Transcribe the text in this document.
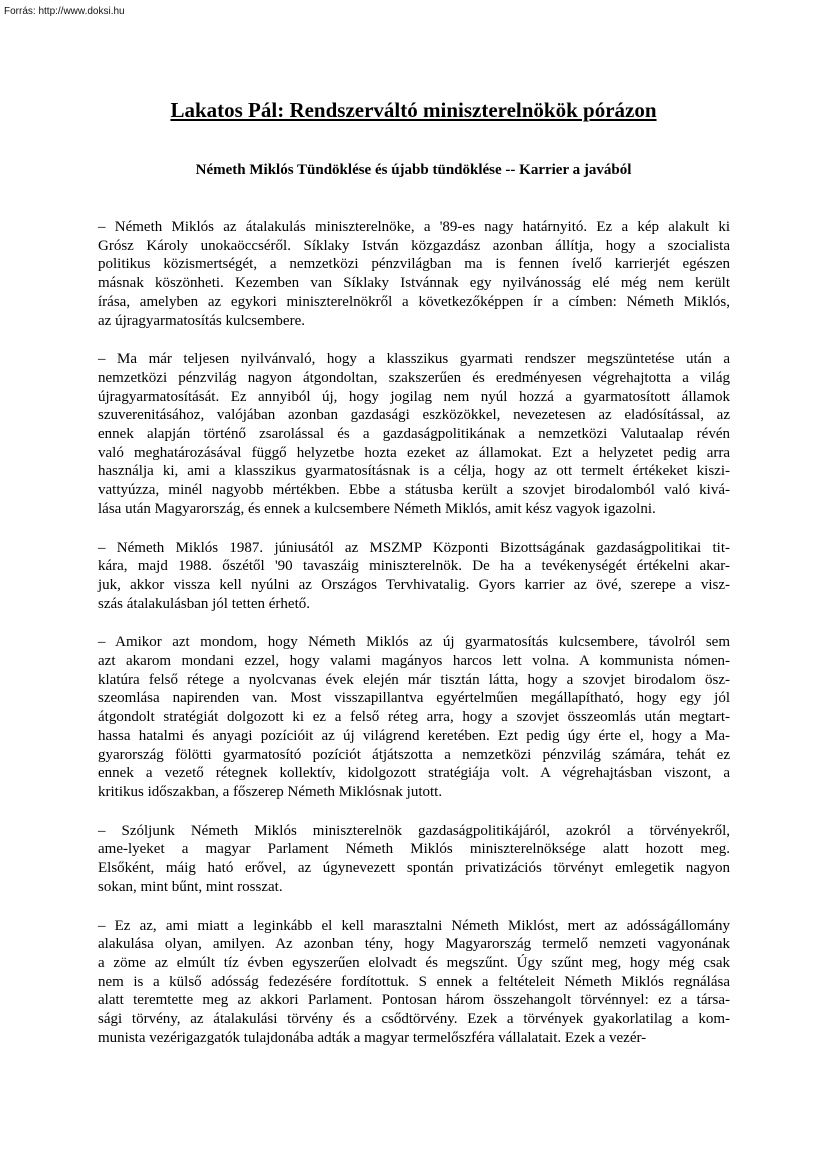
Forrás: http://www.doksi.hu
Lakatos Pál: Rendszerváltó miniszterelnökök pórázon
Németh Miklós Tündöklése és újabb tündöklése -- Karrier a javából

– Németh Miklós az átalakulás miniszterelnöke, a '89-es nagy határnyitó. Ez a kép alakult ki
Grósz Károly unokaöccséről. Síklaky István közgazdász azonban állítja, hogy a szocialista
politikus közismertségét, a nemzetközi pénzvilágban ma is fennen ívelő karrierjét egészen
másnak köszönheti. Kezemben van Síklaky Istvánnak egy nyilvánosság elé még nem került
írása, amelyben az egykori miniszterelnökről a következőképpen ír a címben: Németh Miklós,
az újragyarmatosítás kulcsembere.

– Ma már teljesen nyilvánvaló, hogy a klasszikus gyarmati rendszer megszüntetése után a
nemzetközi pénzvilág nagyon átgondoltan, szakszerűen és eredményesen végrehajtotta a világ
újragyarmatosítását. Ez annyiból új, hogy jogilag nem nyúl hozzá a gyarmatosított államok
szuverenitásához, valójában azonban gazdasági eszközökkel, nevezetesen az eladósítással, az
ennek alapján történő zsarolással és a gazdaságpolitikának a nemzetközi Valutaalap révén
való meghatározásával függő helyzetbe hozta ezeket az államokat. Ezt a helyzetet pedig arra
használja ki, ami a klasszikus gyarmatosításnak is a célja, hogy az ott termelt értékeket kiszi-
vattyúzza, minél nagyobb mértékben. Ebbe a státusba került a szovjet birodalomból való kivá-
lása után Magyarország, és ennek a kulcsembere Németh Miklós, amit kész vagyok igazolni.

– Németh Miklós 1987. júniusától az MSZMP Központi Bizottságának gazdaságpolitikai tit-
kára, majd 1988. őszétől '90 tavaszáig miniszterelnök. De ha a tevékenységét értékelni akar-
juk, akkor vissza kell nyúlni az Országos Tervhivatalig. Gyors karrier az övé, szerepe a visz-
szás átalakulásban jól tetten érhető.

– Amikor azt mondom, hogy Németh Miklós az új gyarmatosítás kulcsembere, távolról sem
azt akarom mondani ezzel, hogy valami magányos harcos lett volna. A kommunista nómen-
klatúra felső rétege a nyolcvanas évek elején már tisztán látta, hogy a szovjet birodalom ösz-
szeomlása napirenden van. Most visszapillantva egyértelműen megállapítható, hogy egy jól
átgondolt stratégiát dolgozott ki ez a felső réteg arra, hogy a szovjet összeomlás után megtart-
hassa hatalmi és anyagi pozícióit az új világrend keretében. Ezt pedig úgy érte el, hogy a Ma-
gyarország fölötti gyarmatosító pozíciót átjátszotta a nemzetközi pénzvilág számára, tehát ez
ennek a vezető rétegnek kollektív, kidolgozott stratégiája volt. A végrehajtásban viszont, a
kritikus időszakban, a főszerep Németh Miklósnak jutott.

– Szóljunk Németh Miklós miniszterelnök gazdaságpolitikájáról, azokról a törvényekről,
ame-lyeket a magyar Parlament Németh Miklós miniszterelnöksége alatt hozott meg.
Elsőként, máig ható erővel, az úgynevezett spontán privatizációs törvényt emlegetik nagyon
sokan, mint bűnt, mint rosszat.

– Ez az, ami miatt a leginkább el kell marasztalni Németh Miklóst, mert az adósságállomány
alakulása olyan, amilyen. Az azonban tény, hogy Magyarország termelő nemzeti vagyonának
a zöme az elmúlt tíz évben egyszerűen elolvadt és megszűnt. Úgy szűnt meg, hogy még csak
nem is a külső adósság fedezésére fordítottuk. S ennek a feltételeit Németh Miklós regnálása
alatt teremtette meg az akkori Parlament. Pontosan három összehangolt törvénnyel: ez a társa-
sági törvény, az átalakulási törvény és a csődtörvény. Ezek a törvények gyakorlatilag a kom-
munista vezérigazgatók tulajdonába adták a magyar termelőszféra vállalatait. Ezek a vezér-
